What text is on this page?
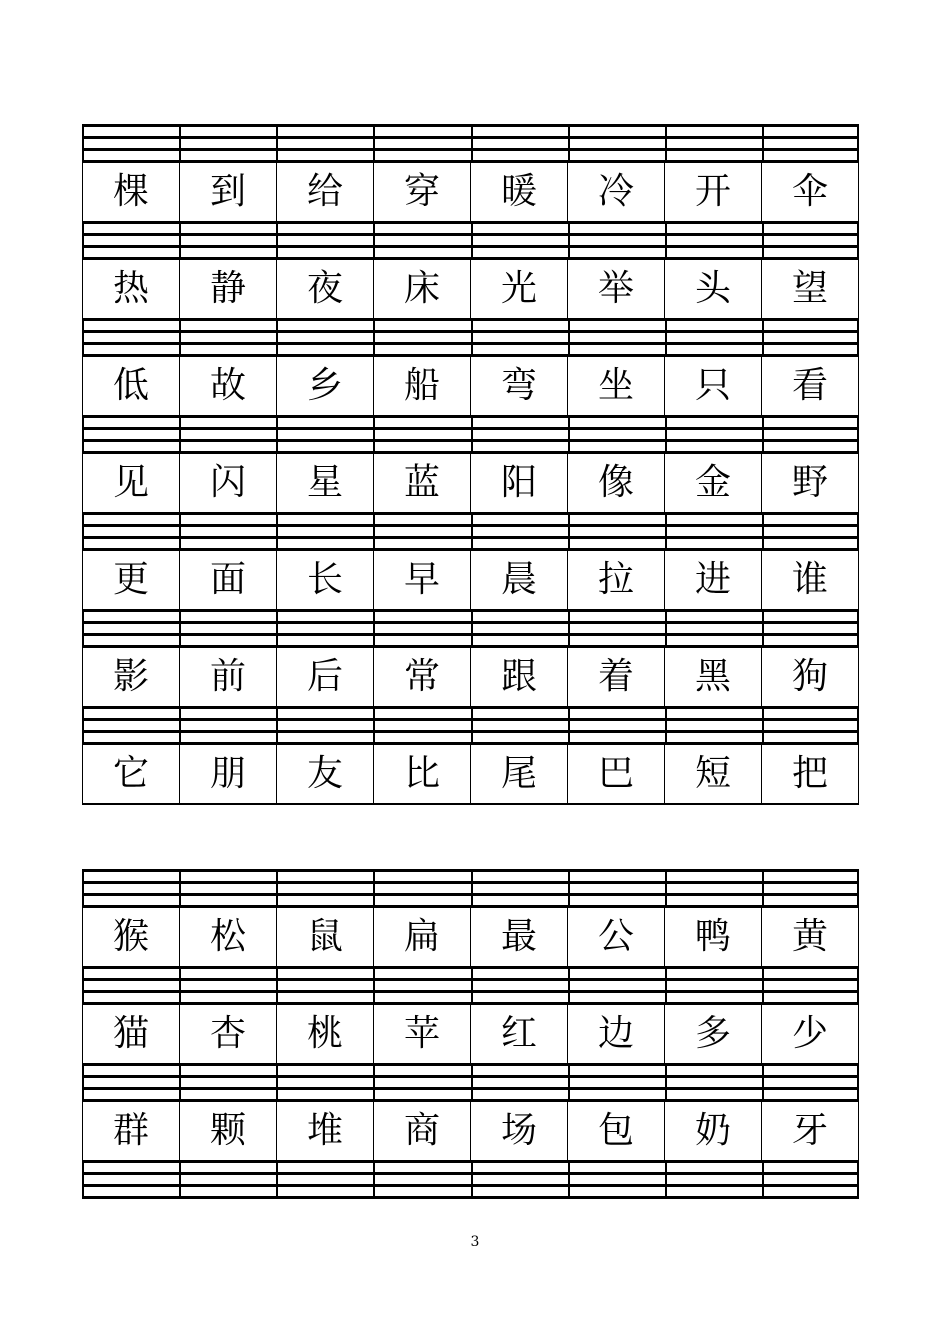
棵	到	给	穿	暖	冷	开	伞
热	静	夜	床	光	举	头	望
低	故	乡	船	弯	坐	只	看
见	闪	星	蓝	阳	像	金	野
更	面	长	早	晨	拉	进	谁
影	前	后	常	跟	着	黑	狗
它	朋	友	比	尾	巴	短	把
猴	松	鼠	扁	最	公	鸭	黄
猫	杏	桃	苹	红	边	多	少
群	颗	堆	商	场	包	奶	牙
3
